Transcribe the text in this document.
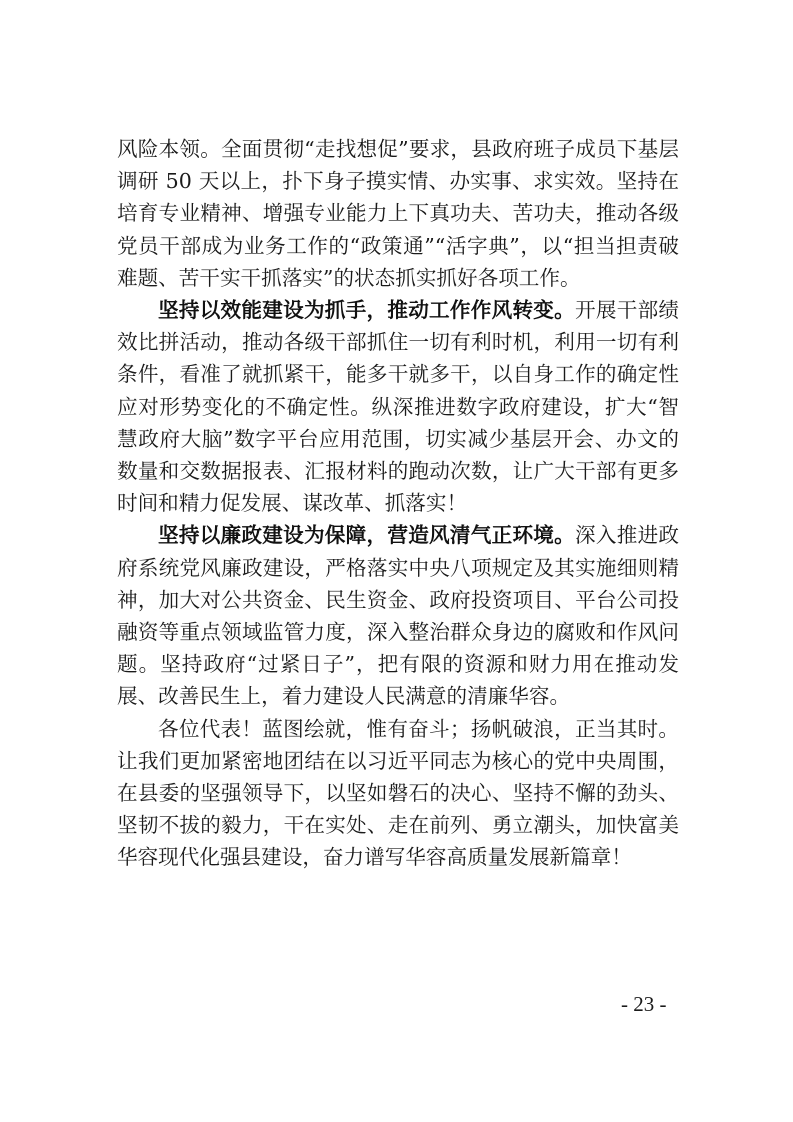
风险本领。全面贯彻“走找想促”要求，县政府班子成员下基层调研 50 天以上，扑下身子摸实情、办实事、求实效。坚持在培育专业精神、增强专业能力上下真功夫、苦功夫，推动各级党员干部成为业务工作的“政策通”“活字典”，以“担当担责破难题、苦干实干抓落实”的状态抓实抓好各项工作。

坚持以效能建设为抓手，推动工作作风转变。开展干部绩效比拼活动，推动各级干部抓住一切有利时机，利用一切有利条件，看准了就抓紧干，能多干就多干，以自身工作的确定性应对形势变化的不确定性。纵深推进数字政府建设，扩大“智慧政府大脑”数字平台应用范围，切实减少基层开会、办文的数量和交数据报表、汇报材料的跑动次数，让广大干部有更多时间和精力促发展、谋改革、抓落实！

坚持以廉政建设为保障，营造风清气正环境。深入推进政府系统党风廉政建设，严格落实中央八项规定及其实施细则精神，加大对公共资金、民生资金、政府投资项目、平台公司投融资等重点领域监管力度，深入整治群众身边的腐败和作风问题。坚持政府“过紧日子”，把有限的资源和财力用在推动发展、改善民生上，着力建设人民满意的清廉华容。

各位代表！蓝图绘就，惟有奋斗；扬帆破浪，正当其时。让我们更加紧密地团结在以习近平同志为核心的党中央周围，在县委的坚强领导下，以坚如磐石的决心、坚持不懈的劲头、坚韧不拔的毅力，干在实处、走在前列、勇立潮头，加快富美华容现代化强县建设，奋力谱写华容高质量发展新篇章！

- 23 -
